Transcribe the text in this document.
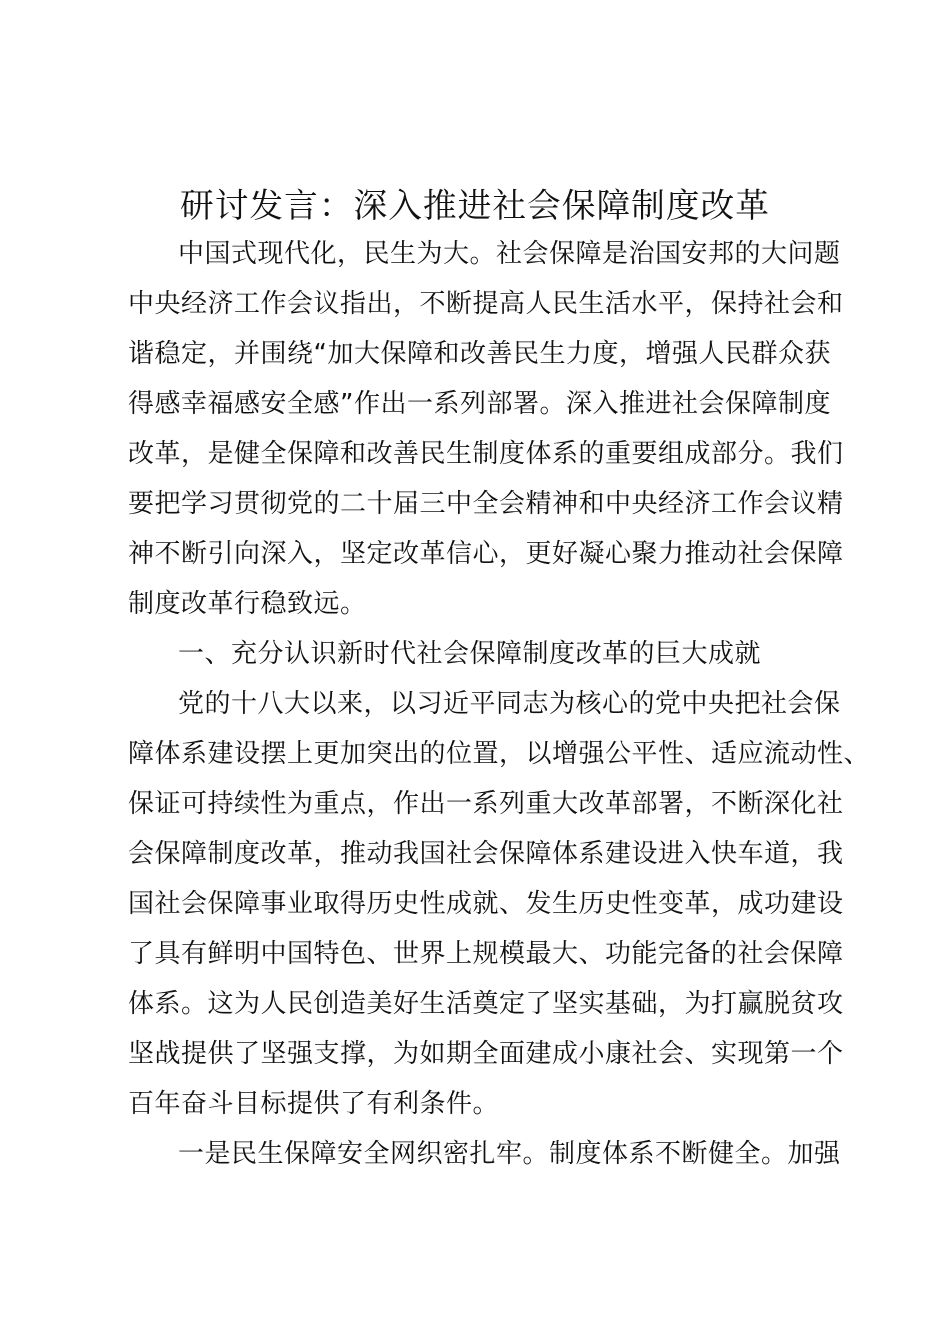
研讨发言：深入推进社会保障制度改革
中国式现代化，民生为大。社会保障是治国安邦的大问题
中央经济工作会议指出，不断提高人民生活水平，保持社会和
谐稳定，并围绕“加大保障和改善民生力度，增强人民群众获
得感幸福感安全感”作出一系列部署。深入推进社会保障制度
改革，是健全保障和改善民生制度体系的重要组成部分。我们
要把学习贯彻党的二十届三中全会精神和中央经济工作会议精
神不断引向深入，坚定改革信心，更好凝心聚力推动社会保障
制度改革行稳致远。
一、充分认识新时代社会保障制度改革的巨大成就
党的十八大以来，以习近平同志为核心的党中央把社会保
障体系建设摆上更加突出的位置，以增强公平性、适应流动性、
保证可持续性为重点，作出一系列重大改革部署，不断深化社
会保障制度改革，推动我国社会保障体系建设进入快车道，我
国社会保障事业取得历史性成就、发生历史性变革，成功建设
了具有鲜明中国特色、世界上规模最大、功能完备的社会保障
体系。这为人民创造美好生活奠定了坚实基础，为打赢脱贫攻
坚战提供了坚强支撑，为如期全面建成小康社会、实现第一个
百年奋斗目标提供了有利条件。
一是民生保障安全网织密扎牢。制度体系不断健全。加强
